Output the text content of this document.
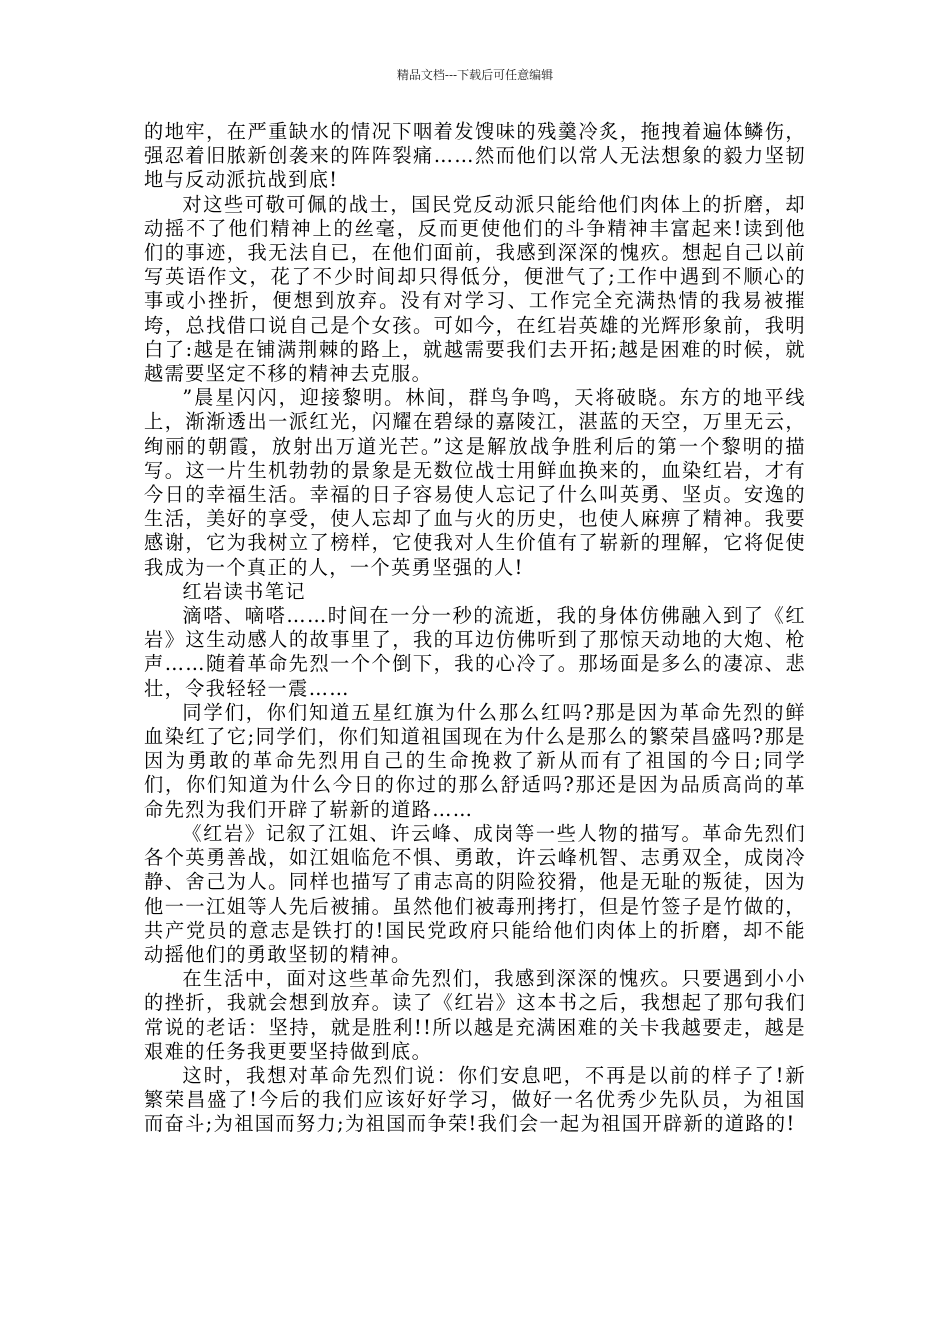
精品文档---下载后可任意编辑

的地牢，在严重缺水的情况下咽着发馊味的残羹冷炙，拖拽着遍体鳞伤，强忍着旧脓新创袭来的阵阵裂痛……然而他们以常人无法想象的毅力坚韧地与反动派抗战到底!

对这些可敬可佩的战士，国民党反动派只能给他们肉体上的折磨，却动摇不了他们精神上的丝毫，反而更使他们的斗争精神丰富起来!读到他们的事迹，我无法自已，在他们面前，我感到深深的愧疚。想起自己以前写英语作文，花了不少时间却只得低分，便泄气了;工作中遇到不顺心的事或小挫折，便想到放弃。没有对学习、工作完全充满热情的我易被摧垮，总找借口说自己是个女孩。可如今，在红岩英雄的光辉形象前，我明白了:越是在铺满荆棘的路上，就越需要我们去开拓;越是困难的时候，就越需要坚定不移的精神去克服。

”晨星闪闪，迎接黎明。林间，群鸟争鸣，天将破晓。东方的地平线上，渐渐透出一派红光，闪耀在碧绿的嘉陵江，湛蓝的天空，万里无云，绚丽的朝霞，放射出万道光芒。”这是解放战争胜利后的第一个黎明的描写。这一片生机勃勃的景象是无数位战士用鲜血换来的，血染红岩，才有今日的幸福生活。幸福的日子容易使人忘记了什么叫英勇、坚贞。安逸的生活，美好的享受，使人忘却了血与火的历史，也使人麻痹了精神。我要感谢，它为我树立了榜样，它使我对人生价值有了崭新的理解，它将促使我成为一个真正的人，一个英勇坚强的人!

红岩读书笔记

滴嗒、嘀嗒……时间在一分一秒的流逝，我的身体仿佛融入到了《红岩》这生动感人的故事里了，我的耳边仿佛听到了那惊天动地的大炮、枪声……随着革命先烈一个个倒下，我的心冷了。那场面是多么的凄凉、悲壮，令我轻轻一震……

同学们，你们知道五星红旗为什么那么红吗?那是因为革命先烈的鲜血染红了它;同学们，你们知道祖国现在为什么是那么的繁荣昌盛吗?那是因为勇敢的革命先烈用自己的生命挽救了新从而有了祖国的今日;同学们，你们知道为什么今日的你过的那么舒适吗?那还是因为品质高尚的革命先烈为我们开辟了崭新的道路……

《红岩》记叙了江姐、许云峰、成岗等一些人物的描写。革命先烈们各个英勇善战，如江姐临危不惧、勇敢，许云峰机智、志勇双全，成岗冷静、舍己为人。同样也描写了甫志高的阴险狡猾，他是无耻的叛徒，因为他一一江姐等人先后被捕。虽然他们被毒刑拷打，但是竹签子是竹做的，共产党员的意志是铁打的!国民党政府只能给他们肉体上的折磨，却不能动摇他们的勇敢坚韧的精神。

在生活中，面对这些革命先烈们，我感到深深的愧疚。只要遇到小小的挫折，我就会想到放弃。读了《红岩》这本书之后，我想起了那句我们常说的老话：坚持，就是胜利!!所以越是充满困难的关卡我越要走，越是艰难的任务我更要坚持做到底。

这时，我想对革命先烈们说：你们安息吧，不再是以前的样子了!新繁荣昌盛了!今后的我们应该好好学习，做好一名优秀少先队员，为祖国而奋斗;为祖国而努力;为祖国而争荣!我们会一起为祖国开辟新的道路的!
